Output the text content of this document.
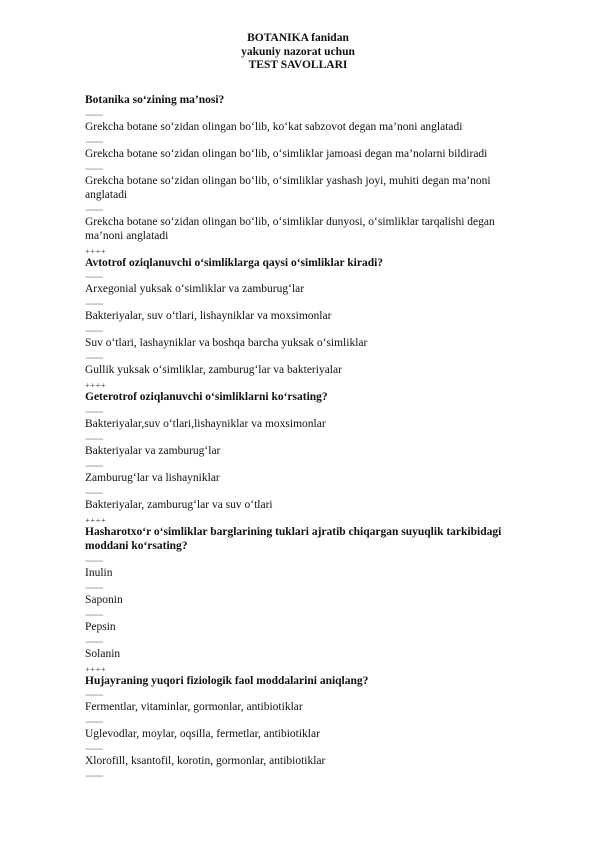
BOTANIKA fanidan
yakuniy nazorat uchun
TEST SAVOLLARI
Botanika so‘zining ma’nosi?
=====
Grekcha botane so‘zidan olingan bo‘lib, ko‘kat sabzovot degan ma’noni anglatadi
=====
Grekcha botane so‘zidan olingan bo‘lib, o‘simliklar jamoasi degan ma’nolarni bildiradi
=====
Grekcha botane so‘zidan olingan bo‘lib, o‘simliklar yashash joyi, muhiti degan ma’noni anglatadi
=====
Grekcha botane so‘zidan olingan bo‘lib, o‘simliklar dunyosi, o‘simliklar tarqalishi degan ma’noni anglatadi
++++
Avtotrof oziqlanuvchi o‘simliklarga qaysi o‘simliklar kiradi?
=====
Arxegonial yuksak o‘simliklar va zamburug‘lar
=====
Bakteriyalar, suv o‘tlari, lishayniklar va moxsimonlar
=====
Suv o‘tlari, lashayniklar va boshqa barcha yuksak o‘simliklar
=====
Gullik yuksak o‘simliklar, zamburug‘lar va bakteriyalar
++++
Geterotrof oziqlanuvchi o‘simliklarni ko‘rsating?
=====
Bakteriyalar,suv o‘tlari,lishayniklar va moxsimonlar
=====
Bakteriyalar va zamburug‘lar
=====
Zamburug‘lar va lishayniklar
=====
Bakteriyalar, zamburug‘lar va suv o‘tlari
++++
Hasharotxo‘r o‘simliklar barglarining tuklari ajratib chiqargan suyuqlik tarkibidagi moddani ko‘rsating?
=====
Inulin
=====
Saponin
=====
Pepsin
=====
Solanin
++++
Hujayraning yuqori fiziologik faol moddalarini aniqlang?
=====
Fermentlar, vitaminlar, gormonlar, antibiotiklar
=====
Uglevodlar, moylar, oqsilla, fermetlar, antibiotiklar
=====
Xlorofill, ksantofil, korotin, gormonlar, antibiotiklar
=====
